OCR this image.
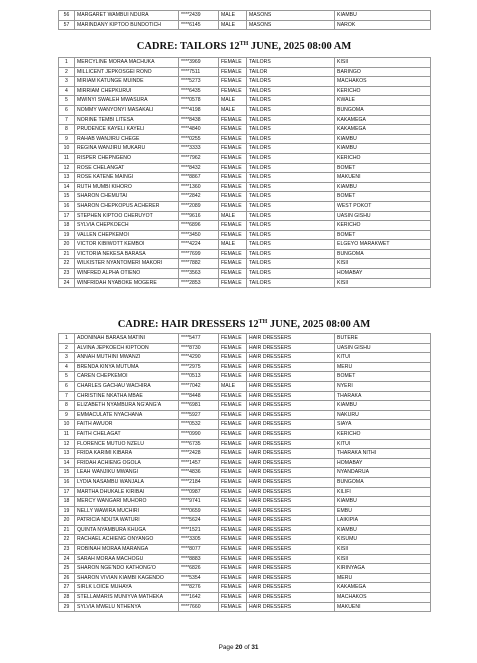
56	MARGARET WAMBUI NDURA	****2439	MALE	MASONS	KIAMBU
57	MARINDANY KIPTOO BUNDOTICH	****6145	MALE	MASONS	NAROK
CADRE: TAILORS 12TH JUNE, 2025 08:00 AM
1	MERCYLINE MORAA MACHUKA	****3969	FEMALE	TAILORS	KISII
2	MILLICENT JEPKOSGEI RONO	****7511	FEMALE	TAILOR	BARINGO
3	MIRIAM KATUNGE MUINDE	****5273	FEMALE	TAILORS	MACHAKOS
4	MIRRIAM CHEPKURUI	****6435	FEMALE	TAILORS	KERICHO
5	MWINYI SWALEH MWASURA	****0578	MALE	TAILORS	KWALE
6	NOMMY WANYONYI MASAKALI	****4198	MALE	TAILORS	BUNGOMA
7	NORINE TEMBI LITESA	****8438	FEMALE	TAILORS	KAKAMEGA
8	PRUDENCE KAYELI KAYELI	****4840	FEMALE	TAILORS	KAKAMEGA
9	RAHAB WANJIRU CHEGE	****0255	FEMALE	TAILORS	KIAMBU
10	REGINA WANJIRU MUKARU	****3333	FEMALE	TAILORS	KIAMBU
11	RISPER CHEPNGENO	****7962	FEMALE	TAILORS	KERICHO
12	ROSE CHELANGAT	****8432	FEMALE	TAILORS	BOMET
13	ROSE KATENE MAINGI	****8867	FEMALE	TAILORS	MAKUENI
14	RUTH MUMBI KIHORO	****1360	FEMALE	TAILORS	KIAMBU
15	SHARON CHEMUTAI	****2842	FEMALE	TAILORS	BOMET
16	SHARON CHEPKOPUS ACHERER	****2089	FEMALE	TAILORS	WEST POKOT
17	STEPHEN KIPTOO CHERUYOT	****9616	MALE	TAILORS	UASIN GISHU
18	SYLVIA CHEPKOECH	****6896	FEMALE	TAILORS	KERICHO
19	VALLEN CHEPKEMOI	****3450	FEMALE	TAILORS	BOMET
20	VICTOR KIBIWOTT KEMBOI	****4224	MALE	TAILORS	ELGEYO MARAKWET
21	VICTORIA NEKESA BARASA	****7699	FEMALE	TAILORS	BUNGOMA
22	WILKISTER NYANTOMERI MAKORI	****7882	FEMALE	TAILORS	KISII
23	WINFRED ALPHA OTIENO	****3563	FEMALE	TAILORS	HOMABAY
24	WINFRIDAH NYABOKE MOGERE	****2853	FEMALE	TAILORS	KISII
CADRE: HAIR DRESSERS 12TH JUNE, 2025 08:00 AM
1	ADONINAH BARASA MATINI	****5477	FEMALE	HAIR DRESSERS	BUTERE
2	ALVINA JEPKOECH KIPTOON	****8730	FEMALE	HAIR DRESSERS	UASIN GISHU
3	ANNAH MUTHINI MWANZI	****4290	FEMALE	HAIR DRESSERS	KITUI
4	BRENDA KINYA MUTUMA	****2975	FEMALE	HAIR DRESSERS	MERU
5	CAREN CHEPKEMOI	****0513	FEMALE	HAIR DRESSERS	BOMET
6	CHARLES GACHAU WACHIRA	****7042	MALE	HAIR DRESSERS	NYERI
7	CHRISTINE NKATHA MBAE	****8448	FEMALE	HAIR DRESSERS	THARAKA
8	ELIZABETH NYAMBURA NG'ANG'A	****6981	FEMALE	HAIR DRESSERS	KIAMBU
9	EMMACULATE NYACHANA	****5927	FEMALE	HAIR DRESSERS	NAKURU
10	FAITH AWUOR	****0532	FEMALE	HAIR DRESSERS	SIAYA
11	FAITH CHELAGAT	****0990	FEMALE	HAIR DRESSERS	KERICHO
12	FLORENCE MUTUO NZELU	****6735	FEMALE	HAIR DRESSERS	KITUI
13	FRIDA KARIMI KIBARA	****2428	FEMALE	HAIR DRESSERS	THARAKA NITHI
14	FRIDAH ACHIENG OGOLA	****1457	FEMALE	HAIR DRESSERS	HOMABAY
15	LEAH WANJIKU MWANGI	****4836	FEMALE	HAIR DRESSERS	NYANDARUA
16	LYDIA NASAMBU WANJALA	****2184	FEMALE	HAIR DRESSERS	BUNGOMA
17	MARTHA DHUKALE KIRIBAI	****0987	FEMALE	HAIR DRESSERS	KILIFI
18	MERCY WANGARI MUHORO	****9741	FEMALE	HAIR DRESSERS	KIAMBU
19	NELLY WAWIRA MUCHIRI	****0659	FEMALE	HAIR DRESSERS	EMBU
20	PATRICIA NDUTA WATURI	****5624	FEMALE	HAIR DRESSERS	LAIKIPIA
21	QUINTA NYAMBURA KHUGA	****1521	FEMALE	HAIR DRESSERS	KIAMBU
22	RACHAEL ACHIENG ONYANGO	****3305	FEMALE	HAIR DRESSERS	KISUMU
23	ROBINAH MORAA MARANGA	****8077	FEMALE	HAIR DRESSERS	KISII
24	SARAH MORAA MACHOGU	****8883	FEMALE	HAIR DRESSERS	KISII
25	SHARON NGE'NDO KATHONG'O	****6826	FEMALE	HAIR DRESSERS	KIRINYAGA
26	SHARON VIVIAN KIAMBI KAGENDO	****5354	FEMALE	HAIR DRESSERS	MERU
27	SIRLK LOICE MUHAYA	****8276	FEMALE	HAIR DRESSERS	KAKAMEGA
28	STELLAMARIS MUNIYVA MATHEKA	****1642	FEMALE	HAIR DRESSERS	MACHAKOS
29	SYLVIA MWELU NTHENYA	****7660	FEMALE	HAIR DRESSERS	MAKUENI
Page 20 of 31
